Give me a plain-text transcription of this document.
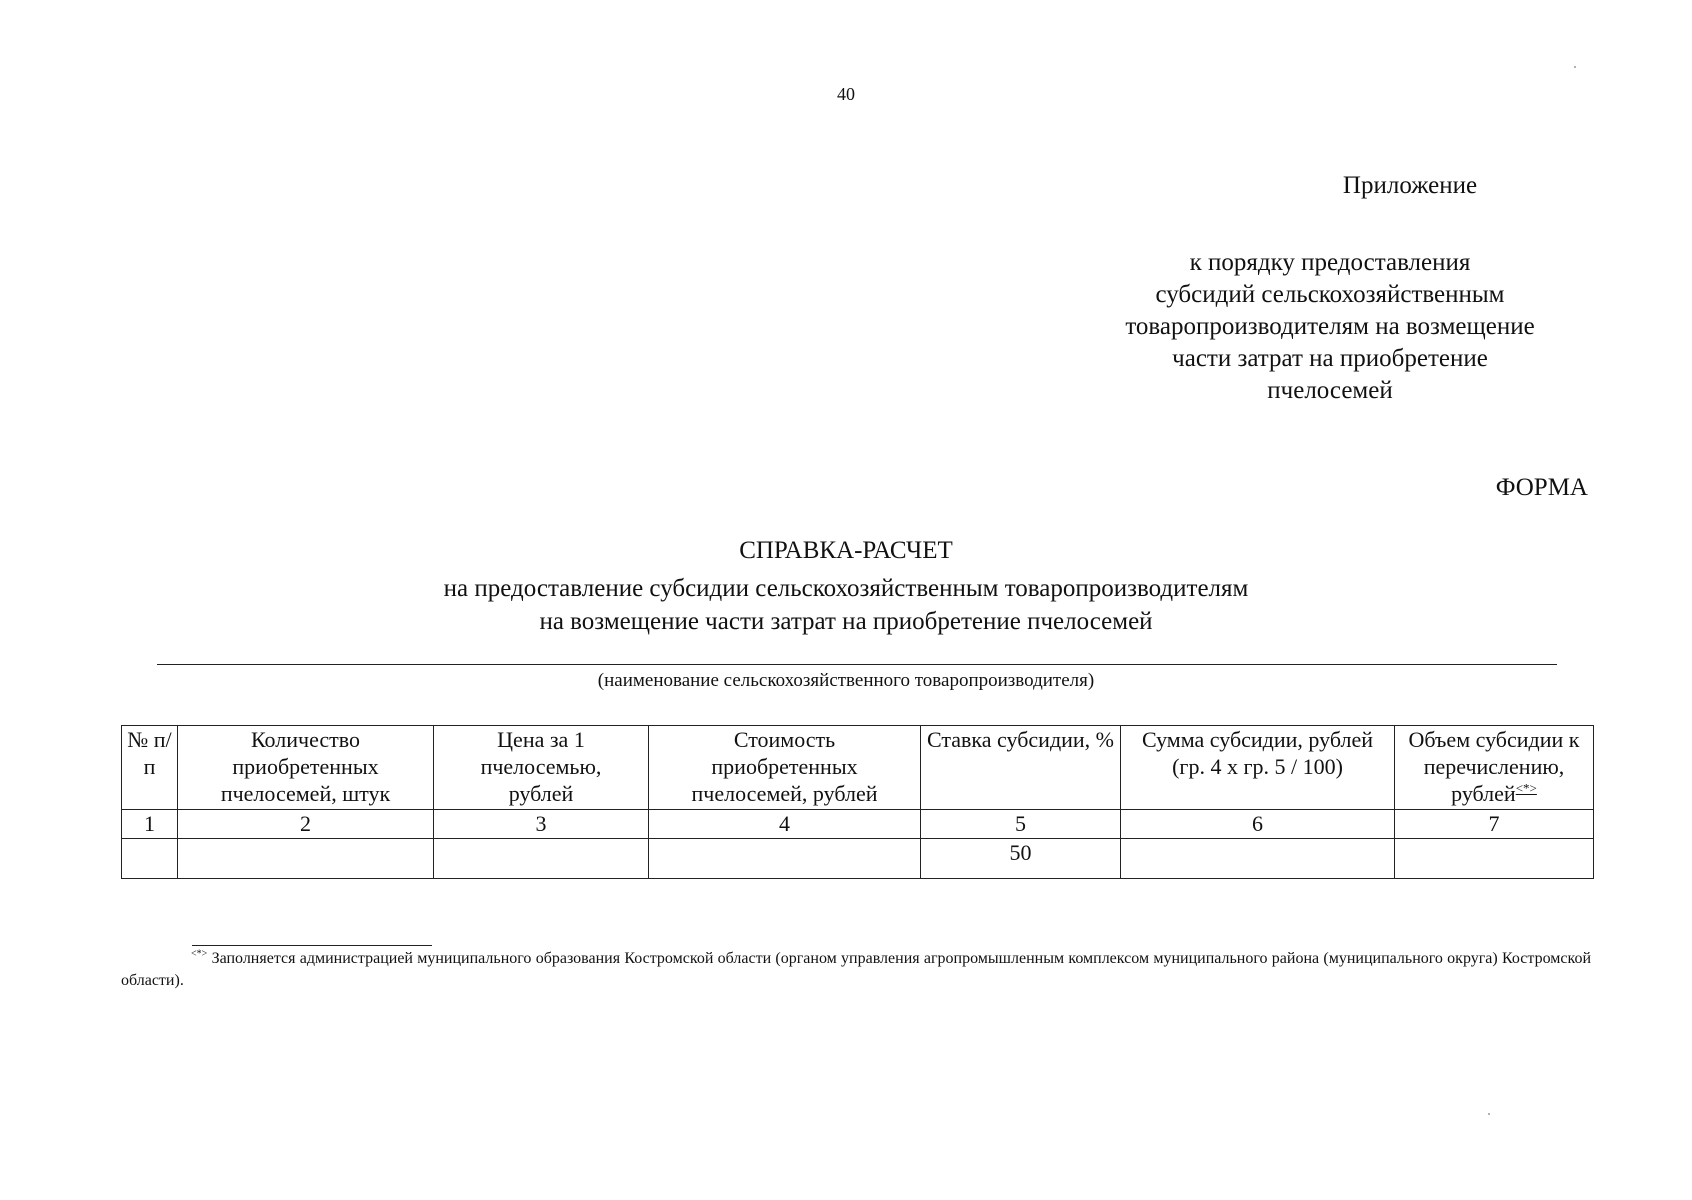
40
Приложение
к порядку предоставления
субсидий сельскохозяйственным
товаропроизводителям на возмещение
части затрат на приобретение
пчелосемей
ФОРМА
СПРАВКА-РАСЧЕТ
на предоставление субсидии сельскохозяйственным товаропроизводителям
на возмещение части затрат на приобретение пчелосемей
(наименование сельскохозяйственного товаропроизводителя)
№ п/п	Количество приобретенных пчелосемей, штук	Цена за 1 пчелосемью, рублей	Стоимость приобретенных пчелосемей, рублей	Ставка субсидии, %	Сумма субсидии, рублей (гр. 4 х гр. 5 / 100)	Объем субсидии к перечислению, рублей<*>
1	2	3	4	5	6	7
				50		
<*> Заполняется администрацией муниципального образования Костромской области (органом управления агропромышленным комплексом муниципального района (муниципального округа) Костромской области).
